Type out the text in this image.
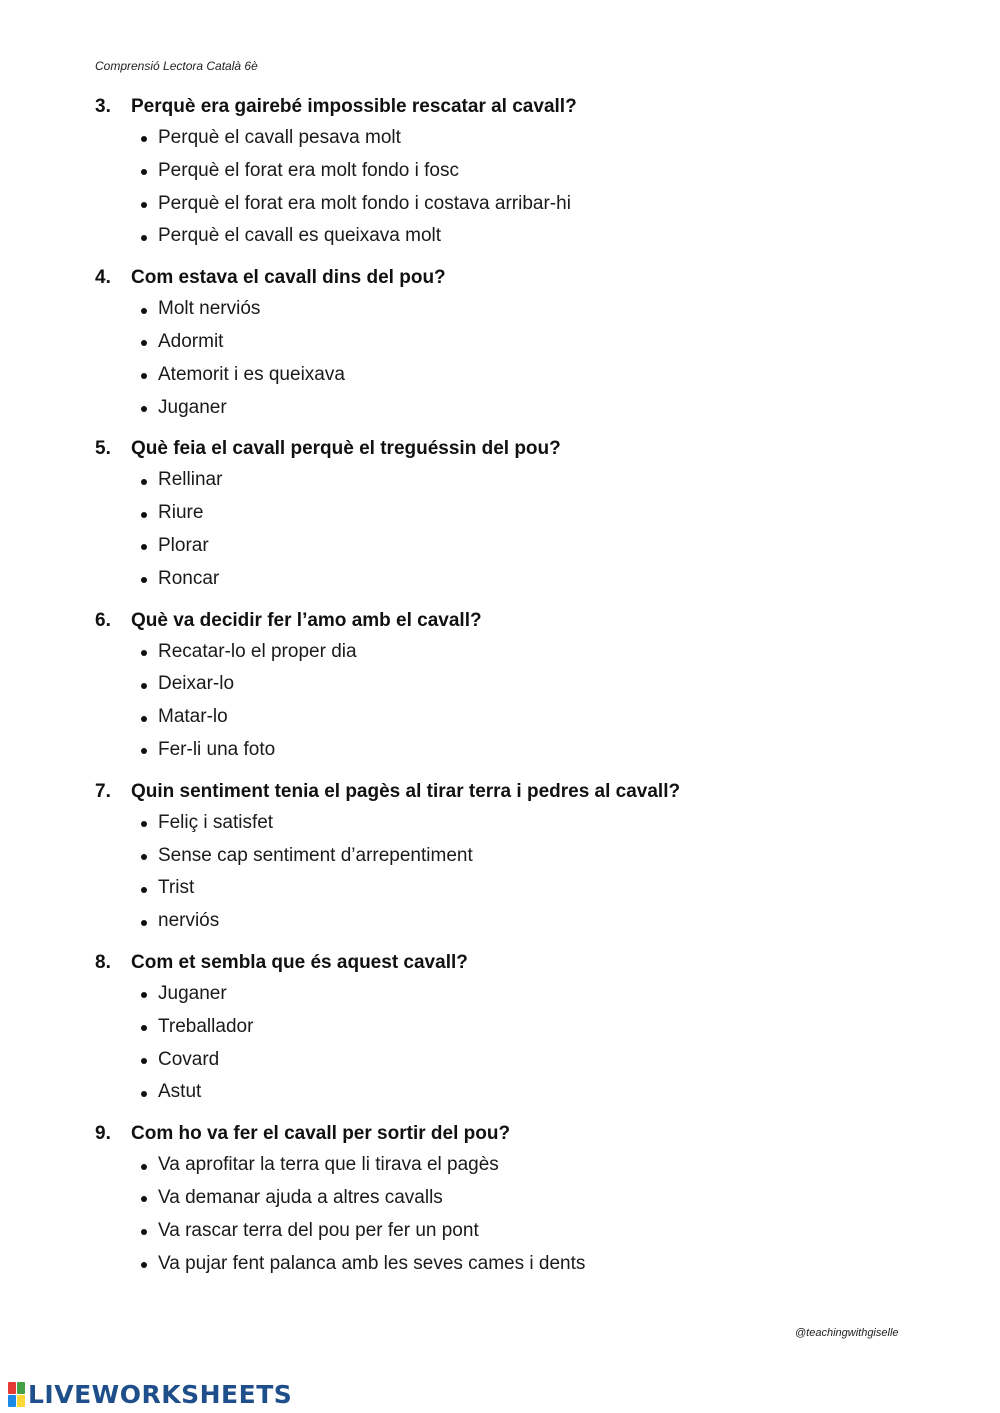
Comprensió Lectora Català 6è
3.	Perquè era gairebé impossible rescatar al cavall?
Perquè el cavall pesava molt
Perquè el forat era molt fondo i fosc
Perquè el forat era molt fondo i costava arribar-hi
Perquè el cavall es queixava molt
4.	Com estava el cavall dins del pou?
Molt nerviós
Adormit
Atemorit i es queixava
Juganer
5.	Què feia el cavall perquè el treguéssin del pou?
Rellinar
Riure
Plorar
Roncar
6.	Què va decidir fer l’amo amb el cavall?
Recatar-lo el proper dia
Deixar-lo
Matar-lo
Fer-li una foto
7.	Quin sentiment tenia el pagès al tirar terra i pedres al cavall?
Feliç i satisfet
Sense cap sentiment d’arrepentiment
Trist
nerviós
8.	Com et sembla que és aquest cavall?
Juganer
Treballador
Covard
Astut
9.	Com ho va fer el cavall per sortir del pou?
Va aprofitar la terra que li tirava el pagès
Va demanar ajuda a altres cavalls
Va rascar terra del pou per fer un pont
Va pujar fent palanca amb les seves cames i dents
@teachingwithgiselle
LIVEWORKSHEETS
